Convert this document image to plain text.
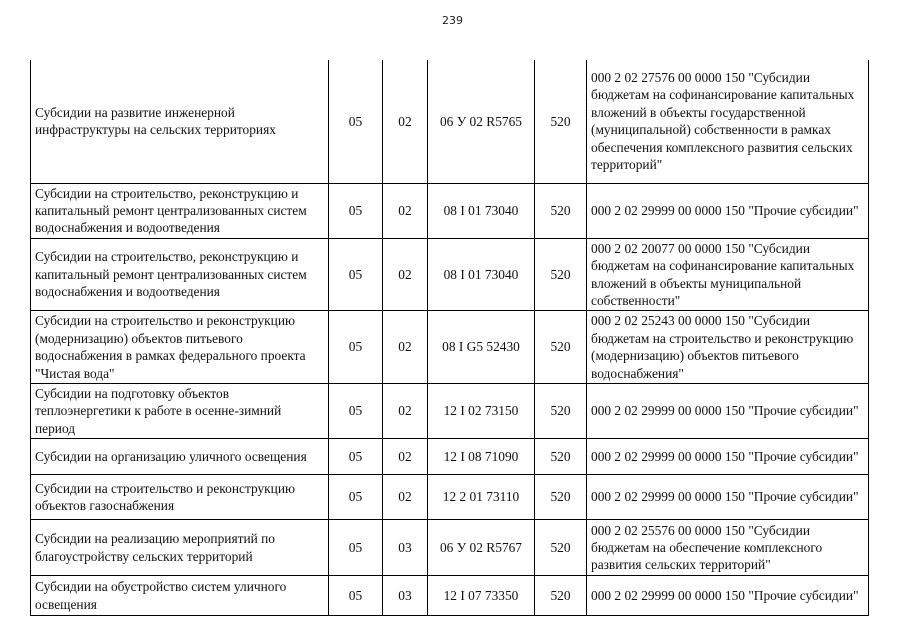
239
Субсидии на развитие инженерной инфраструктуры на сельских территориях	05	02	06 У 02 R5765	520	000 2 02 27576 00 0000 150 "Субсидии бюджетам на софинансирование капитальных вложений в объекты государственной (муниципальной) собственности в рамках обеспечения комплексного развития сельских территорий"
Субсидии на строительство, реконструкцию и капитальный ремонт централизованных систем водоснабжения и водоотведения	05	02	08 I 01 73040	520	000 2 02 29999 00 0000 150 "Прочие субсидии"
Субсидии на строительство, реконструкцию и капитальный ремонт централизованных систем водоснабжения и водоотведения	05	02	08 I 01 73040	520	000 2 02 20077 00 0000 150 "Субсидии бюджетам на софинансирование капитальных вложений в объекты муниципальной собственности"
Субсидии на строительство и реконструкцию (модернизацию) объектов питьевого водоснабжения в рамках федерального проекта "Чистая вода"	05	02	08 I G5 52430	520	000 2 02 25243 00 0000 150 "Субсидии бюджетам на строительство и реконструкцию (модернизацию) объектов питьевого водоснабжения"
Субсидии на подготовку объектов теплоэнергетики к работе в осенне-зимний период	05	02	12 I 02 73150	520	000 2 02 29999 00 0000 150 "Прочие субсидии"
Субсидии на организацию уличного освещения	05	02	12 I 08 71090	520	000 2 02 29999 00 0000 150 "Прочие субсидии"
Субсидии на строительство и реконструкцию объектов газоснабжения	05	02	12 2 01 73110	520	000 2 02 29999 00 0000 150 "Прочие субсидии"
Субсидии на реализацию мероприятий по благоустройству сельских территорий	05	03	06 У 02 R5767	520	000 2 02 25576 00 0000 150 "Субсидии бюджетам на обеспечение комплексного развития сельских территорий"
Субсидии на обустройство систем уличного освещения	05	03	12 I 07 73350	520	000 2 02 29999 00 0000 150 "Прочие субсидии"
